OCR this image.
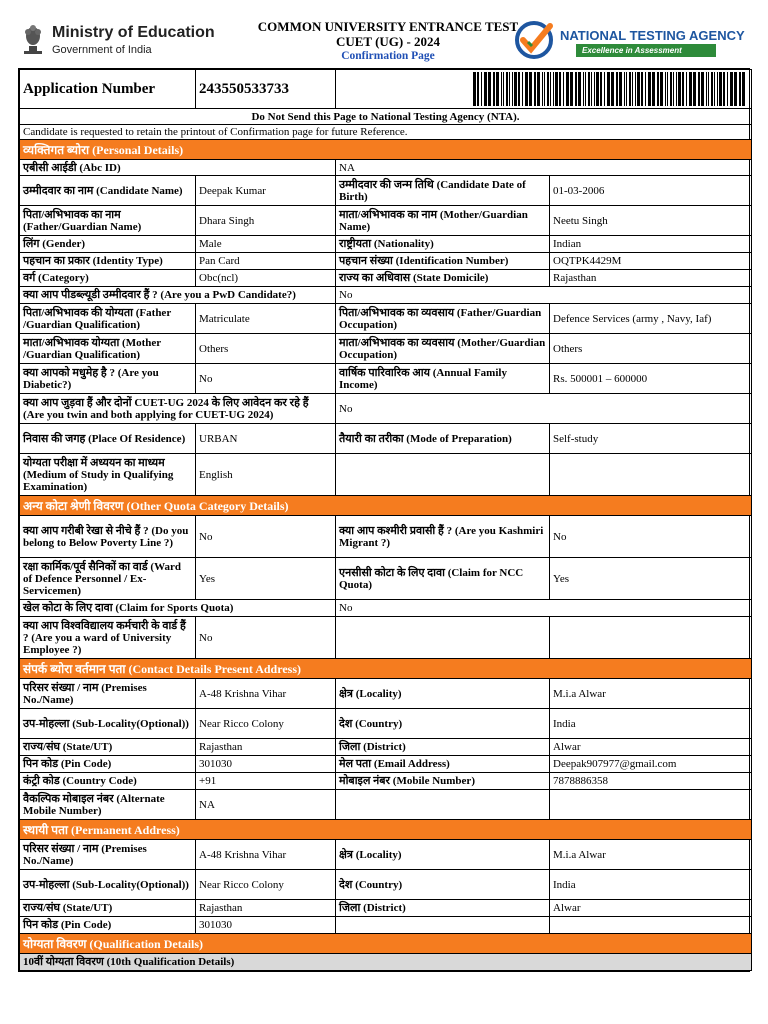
Ministry of Education
Government of India
COMMON UNIVERSITY ENTRANCE TEST
CUET (UG) - 2024
Confirmation Page
NATIONAL TESTING AGENCY
Excellence in Assessment
Application Number	243550533733	

Do Not Send this Page to National Testing Agency (NTA).			
Candidate is requested to retain the printout of Confirmation page for future Reference.			
व्यक्तिगत ब्योरा (Personal Details)			
एबीसी आईडी (Abc ID)		NA	
उम्मीदवार का नाम (Candidate Name)	Deepak Kumar	उम्मीदवार की जन्म तिथि (Candidate Date of Birth)	01-03-2006
पिता/अभिभावक का नाम (Father/Guardian Name)	Dhara Singh	माता/अभिभावक का नाम (Mother/Guardian Name)	Neetu Singh
लिंग (Gender)	Male	राष्ट्रीयता (Nationality)	Indian
पहचान का प्रकार (Identity Type)	Pan Card	पहचान संख्या (Identification Number)	OQTPK4429M
वर्ग (Category)	Obc(ncl)	राज्य का अधिवास (State Domicile)	Rajasthan
क्या आप पीडब्ल्यूडी उम्मीदवार हैं ? (Are you a PwD Candidate?)		No	
पिता/अभिभावक की योग्यता (Father /Guardian Qualification)	Matriculate	पिता/अभिभावक का व्यवसाय (Father/Guardian Occupation)	Defence Services (army , Navy, Iaf)
माता/अभिभावक योग्यता (Mother /Guardian Qualification)	Others	माता/अभिभावक का व्यवसाय (Mother/Guardian Occupation)	Others
क्या आपको मधुमेह है ? (Are you Diabetic?)	No	वार्षिक पारिवारिक आय (Annual Family Income)	Rs. 500001 – 600000
क्या आप जुड़वा हैं और दोनों CUET-UG 2024 के लिए आवेदन कर रहे हैं (Are you twin and both applying for CUET-UG 2024)		No	
निवास की जगह (Place Of Residence)	URBAN	तैयारी का तरीका (Mode of Preparation)	Self-study
योग्यता परीक्षा में अध्ययन का माध्यम (Medium of Study in Qualifying Examination)	English		
अन्य कोटा श्रेणी विवरण (Other Quota Category Details)			
क्या आप गरीबी रेखा से नीचे हैं ? (Do you belong to Below Poverty Line ?)	No	क्या आप कश्मीरी प्रवासी हैं ? (Are you Kashmiri Migrant ?)	No
रक्षा कार्मिक/पूर्व सैनिकों का वार्ड (Ward of Defence Personnel / Ex-Servicemen)	Yes	एनसीसी कोटा के लिए दावा (Claim for NCC Quota)	Yes
खेल कोटा के लिए दावा (Claim for Sports Quota)		No	
क्या आप विश्वविद्यालय कर्मचारी के वार्ड हैं ? (Are you a ward of University Employee ?)	No		
संपर्क ब्योरा वर्तमान पता (Contact Details Present Address)			
परिसर संख्या / नाम (Premises No./Name)	A-48 Krishna Vihar	क्षेत्र (Locality)	M.i.a Alwar
उप-मोहल्ला (Sub-Locality(Optional))	Near Ricco Colony	देश (Country)	India
राज्य/संघ (State/UT)	Rajasthan	जिला (District)	Alwar
पिन कोड (Pin Code)	301030	मेल पता (Email Address)	Deepak907977@gmail.com
कंट्री कोड (Country Code)	+91	मोबाइल नंबर (Mobile Number)	7878886358
वैकल्पिक मोबाइल नंबर (Alternate Mobile Number)	NA		
स्थायी पता (Permanent Address)			
परिसर संख्या / नाम (Premises No./Name)	A-48 Krishna Vihar	क्षेत्र (Locality)	M.i.a Alwar
उप-मोहल्ला (Sub-Locality(Optional))	Near Ricco Colony	देश (Country)	India
राज्य/संघ (State/UT)	Rajasthan	जिला (District)	Alwar
पिन कोड (Pin Code)	301030		
योग्यता विवरण (Qualification Details)			
10वीं योग्यता विवरण (10th Qualification Details)			
